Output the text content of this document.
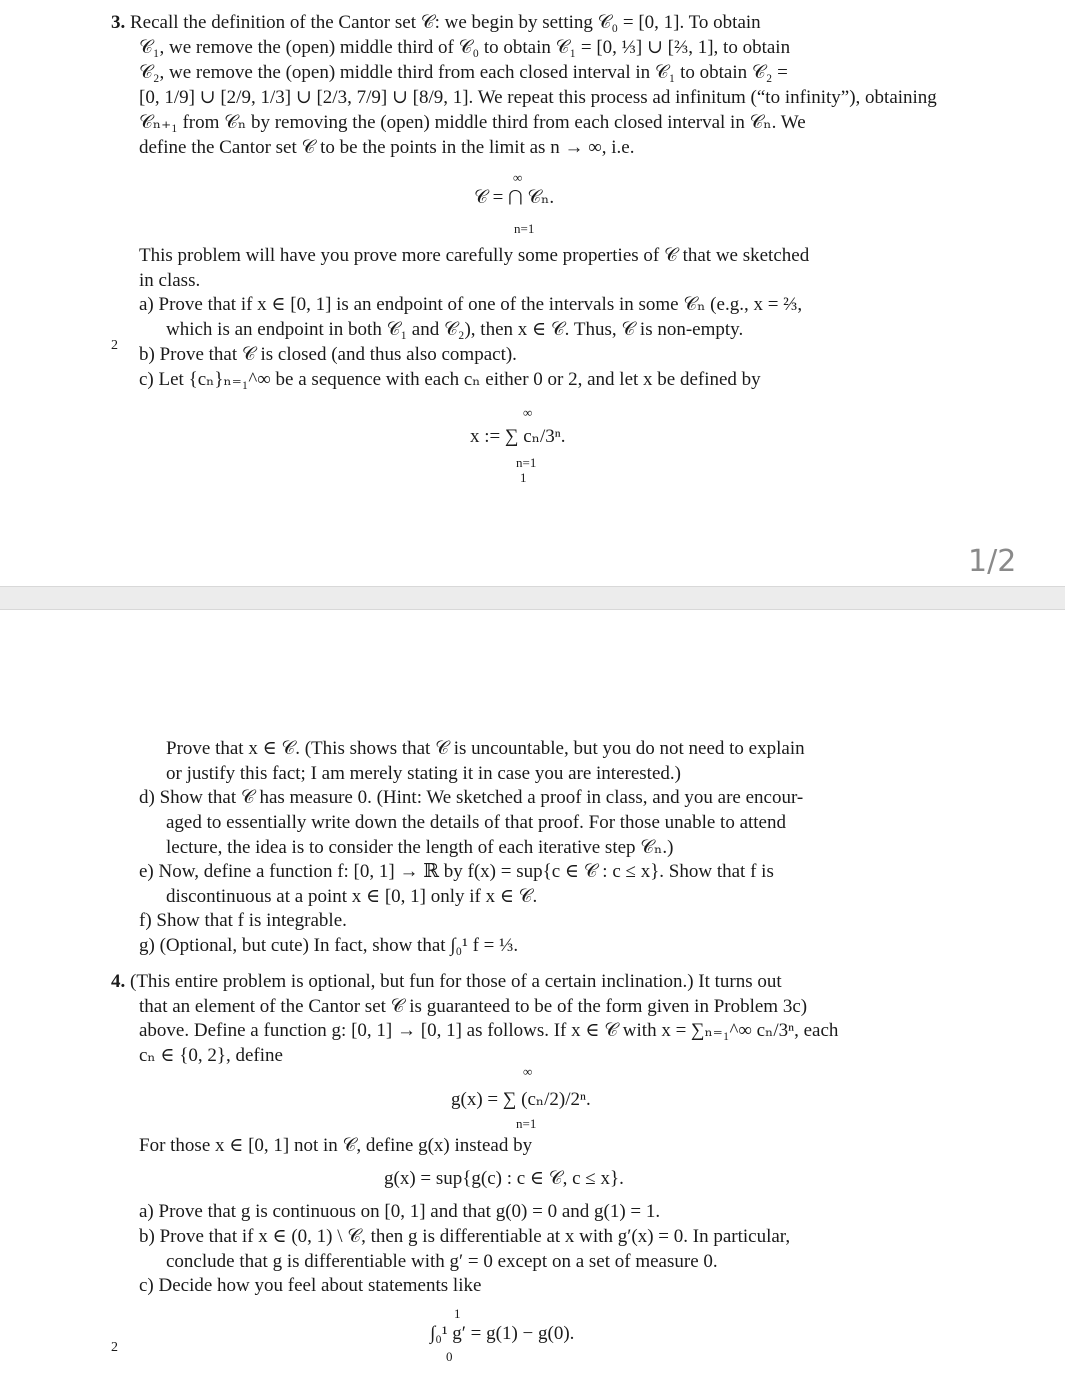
3. Recall the definition of the Cantor set 𝒞: we begin by setting 𝒞₀ = [0, 1]. To obtain
𝒞₁, we remove the (open) middle third of 𝒞₀ to obtain 𝒞₁ = [0, ⅓] ∪ [⅔, 1], to obtain
𝒞₂, we remove the (open) middle third from each closed interval in 𝒞₁ to obtain 𝒞₂ =
[0, 1/9] ∪ [2/9, 1/3] ∪ [2/3, 7/9] ∪ [8/9, 1]. We repeat this process ad infinitum (“to infinity”), obtaining
𝒞ₙ₊₁ from 𝒞ₙ by removing the (open) middle third from each closed interval in 𝒞ₙ. We
define the Cantor set 𝒞 to be the points in the limit as n → ∞, i.e.
∞
𝒞 = ⋂ 𝒞ₙ.
n=1
This problem will have you prove more carefully some properties of 𝒞 that we sketched
in class.
a) Prove that if x ∈ [0, 1] is an endpoint of one of the intervals in some 𝒞ₙ (e.g., x = ⅔,
which is an endpoint in both 𝒞₁ and 𝒞₂), then x ∈ 𝒞. Thus, 𝒞 is non-empty.
b) Prove that 𝒞 is closed (and thus also compact).
c) Let {cₙ}ₙ₌₁^∞ be a sequence with each cₙ either 0 or 2, and let x be defined by
∞
x := ∑ cₙ/3ⁿ.
n=1
1
1/2
2
2
Prove that x ∈ 𝒞. (This shows that 𝒞 is uncountable, but you do not need to explain
or justify this fact; I am merely stating it in case you are interested.)
d) Show that 𝒞 has measure 0. (Hint: We sketched a proof in class, and you are encour-
aged to essentially write down the details of that proof. For those unable to attend
lecture, the idea is to consider the length of each iterative step 𝒞ₙ.)
e) Now, define a function f: [0, 1] → ℝ by f(x) = sup{c ∈ 𝒞 : c ≤ x}. Show that f is
discontinuous at a point x ∈ [0, 1] only if x ∈ 𝒞.
f) Show that f is integrable.
g) (Optional, but cute) In fact, show that ∫₀¹ f = ⅓.
4. (This entire problem is optional, but fun for those of a certain inclination.) It turns out
that an element of the Cantor set 𝒞 is guaranteed to be of the form given in Problem 3c)
above. Define a function g: [0, 1] → [0, 1] as follows. If x ∈ 𝒞 with x = ∑ₙ₌₁^∞ cₙ/3ⁿ, each
cₙ ∈ {0, 2}, define
∞
g(x) = ∑ (cₙ/2)/2ⁿ.
n=1
For those x ∈ [0, 1] not in 𝒞, define g(x) instead by
g(x) = sup{g(c) : c ∈ 𝒞, c ≤ x}.
a) Prove that g is continuous on [0, 1] and that g(0) = 0 and g(1) = 1.
b) Prove that if x ∈ (0, 1) \ 𝒞, then g is differentiable at x with g′(x) = 0. In particular,
conclude that g is differentiable with g′ = 0 except on a set of measure 0.
c) Decide how you feel about statements like
1
∫₀¹ g′ = g(1) − g(0).
0
